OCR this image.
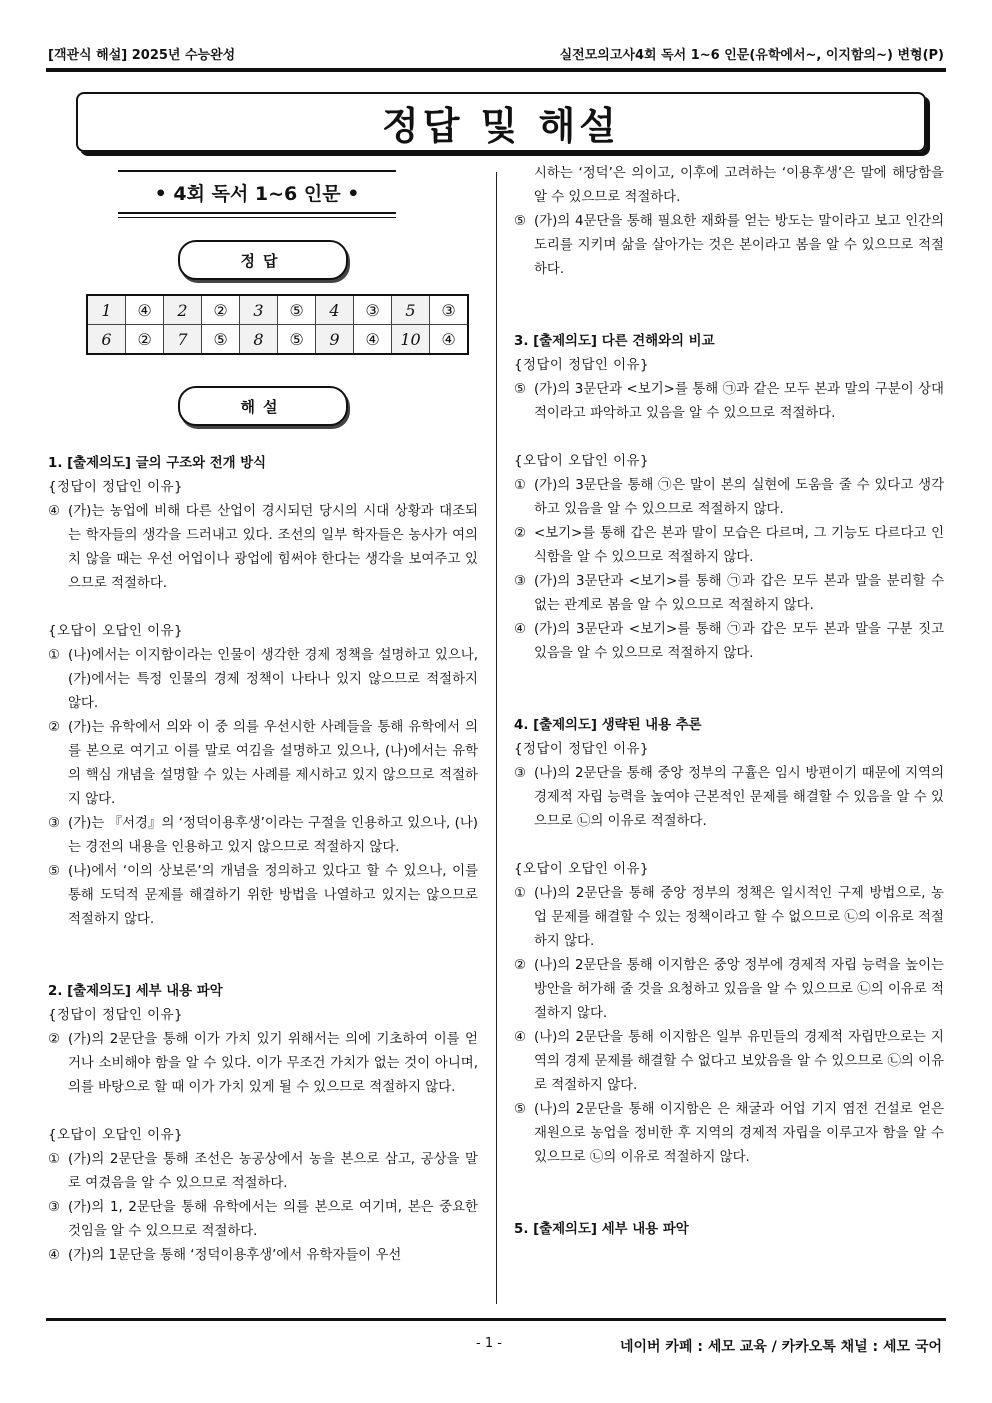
[객관식 해설] 2025년 수능완성	실전모의고사4회 독서 1~6 인문(유학에서~, 이지함의~) 변형(P)
정답 및 해설
• 4회 독서 1~6 인문 •
정답
1	④	2	②	3	⑤	4	③	5	③
6	②	7	⑤	8	⑤	9	④	10	④
해설
1. [출제의도] 글의 구조와 전개 방식
{정답이 정답인 이유}
④ (가)는 농업에 비해 다른 산업이 경시되던 당시의 시대 상황과 대조되는 학자들의 생각을 드러내고 있다. 조선의 일부 학자들은 농사가 여의치 않을 때는 우선 어업이나 광업에 힘써야 한다는 생각을 보여주고 있으므로 적절하다.
{오답이 오답인 이유}
① (나)에서는 이지함이라는 인물이 생각한 경제 정책을 설명하고 있으나, (가)에서는 특정 인물의 경제 정책이 나타나 있지 않으므로 적절하지 않다.
② (가)는 유학에서 의와 이 중 의를 우선시한 사례들을 통해 유학에서 의를 본으로 여기고 이를 말로 여김을 설명하고 있으나, (나)에서는 유학의 핵심 개념을 설명할 수 있는 사례를 제시하고 있지 않으므로 적절하지 않다.
③ (가)는 『서경』의 ‘정덕이용후생’이라는 구절을 인용하고 있으나, (나)는 경전의 내용을 인용하고 있지 않으므로 적절하지 않다.
⑤ (나)에서 ‘이의 상보론’의 개념을 정의하고 있다고 할 수 있으나, 이를 통해 도덕적 문제를 해결하기 위한 방법을 나열하고 있지는 않으므로 적절하지 않다.
2. [출제의도] 세부 내용 파악
{정답이 정답인 이유}
② (가)의 2문단을 통해 이가 가치 있기 위해서는 의에 기초하여 이를 얻거나 소비해야 함을 알 수 있다. 이가 무조건 가치가 없는 것이 아니며, 의를 바탕으로 할 때 이가 가치 있게 될 수 있으므로 적절하지 않다.
{오답이 오답인 이유}
① (가)의 2문단을 통해 조선은 농공상에서 농을 본으로 삼고, 공상을 말로 여겼음을 알 수 있으므로 적절하다.
③ (가)의 1, 2문단을 통해 유학에서는 의를 본으로 여기며, 본은 중요한 것임을 알 수 있으므로 적절하다.
④ (가)의 1문단을 통해 ‘정덕이용후생’에서 유학자들이 우선
시하는 ‘정덕’은 의이고, 이후에 고려하는 ‘이용후생’은 말에 해당함을 알 수 있으므로 적절하다.
⑤ (가)의 4문단을 통해 필요한 재화를 얻는 방도는 말이라고 보고 인간의 도리를 지키며 삶을 살아가는 것은 본이라고 봄을 알 수 있으므로 적절하다.
3. [출제의도] 다른 견해와의 비교
{정답이 정답인 이유}
⑤ (가)의 3문단과 <보기>를 통해 ㉠과 같은 모두 본과 말의 구분이 상대적이라고 파악하고 있음을 알 수 있으므로 적절하다.
{오답이 오답인 이유}
① (가)의 3문단을 통해 ㉠은 말이 본의 실현에 도움을 줄 수 있다고 생각하고 있음을 알 수 있으므로 적절하지 않다.
② <보기>를 통해 갑은 본과 말이 모습은 다르며, 그 기능도 다르다고 인식함을 알 수 있으므로 적절하지 않다.
③ (가)의 3문단과 <보기>를 통해 ㉠과 갑은 모두 본과 말을 분리할 수 없는 관계로 봄을 알 수 있으므로 적절하지 않다.
④ (가)의 3문단과 <보기>를 통해 ㉠과 갑은 모두 본과 말을 구분 짓고 있음을 알 수 있으므로 적절하지 않다.
4. [출제의도] 생략된 내용 추론
{정답이 정답인 이유}
③ (나)의 2문단을 통해 중앙 정부의 구휼은 임시 방편이기 때문에 지역의 경제적 자립 능력을 높여야 근본적인 문제를 해결할 수 있음을 알 수 있으므로 ㉡의 이유로 적절하다.
{오답이 오답인 이유}
① (나)의 2문단을 통해 중앙 정부의 정책은 일시적인 구제 방법으로, 농업 문제를 해결할 수 있는 정책이라고 할 수 없으므로 ㉡의 이유로 적절하지 않다.
② (나)의 2문단을 통해 이지함은 중앙 정부에 경제적 자립 능력을 높이는 방안을 허가해 줄 것을 요청하고 있음을 알 수 있으므로 ㉡의 이유로 적절하지 않다.
④ (나)의 2문단을 통해 이지함은 일부 유민들의 경제적 자립만으로는 지역의 경제 문제를 해결할 수 없다고 보았음을 알 수 있으므로 ㉡의 이유로 적절하지 않다.
⑤ (나)의 2문단을 통해 이지함은 은 채굴과 어업 기지 염전 건설로 얻은 재원으로 농업을 정비한 후 지역의 경제적 자립을 이루고자 함을 알 수 있으므로 ㉡의 이유로 적절하지 않다.
5. [출제의도] 세부 내용 파악
- 1 -	네이버 카페 : 세모 교육 / 카카오톡 채널 : 세모 국어
